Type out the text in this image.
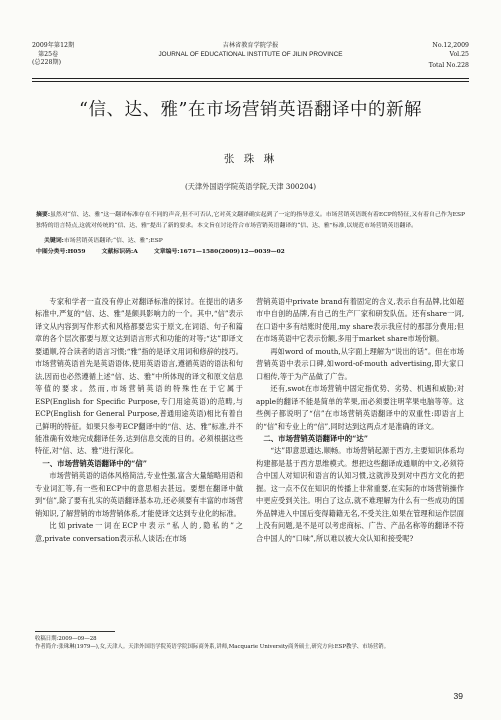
2009年第12期
第25卷
(总228期)
吉林省教育学院学报
JOURNAL OF EDUCATIONAL INSTITUTE OF JILIN PROVINCE
No.12,2009
Vol.25
Total No.228
“信、达、雅”在市场营销英语翻译中的新解
张 珠 琳
(天津外国语学院英语学院,天津 300204)
摘要:虽然对“信、达、雅”这一翻译标准存在不同的声音,但不可否认,它对英文翻译确实起到了一定的指导意义。市场营销英语既有着ECP的特征,又有着自己作为ESP独特的语言特点,这就对传统的“信、达、雅”提出了新的要求。本文旨在讨论符合市场营销英语翻译的“信、达、雅”标准,以规范市场营销英语翻译。
关键词:市场营销英语翻译;“信、达、雅”;ESP
中图分类号:H059	文献标识码:A	文章编号:1671—1580(2009)12—0039—02

专家和学者一直没有停止对翻译标准的探讨。在提出的诸多标准中,严复的“信、达、雅”是颇具影响力的一个。其中,“信”表示译文从内容到写作形式和风格都要忠实于原文,在词语、句子和篇章的各个层次都要与原文达到语言形式和功能的对等;“达”即译文要通顺,符合读者的语言习惯;“雅”指的是译文用词和修辞的技巧。市场营销英语首先是英语语体,使用英语语言,遵循英语的语法和句法,因而也必然遵循上述“信、达、雅”中所体现的译文和原文信息等值的要求。然而,市场营销英语的特殊性在于它属于ESP(English for Specific Purpose,专门用途英语)的范畴,与ECP(English for General Purpose,普通用途英语)相比有着自己鲜明的特征。如果只参考ECP翻译中的“信、达、雅”标准,并不能准确有效地完成翻译任务,达到信息交流的目的。必须根据这些特征,对“信、达、雅”进行深化。

一、市场营销英语翻译中的“信”

市场营销英语的语体风格简洁,专业性强,富含大量缩略用语和专业词汇等,有一些和ECP中的意思相去甚远。要想在翻译中做到“信”,除了要有扎实的英语翻译基本功,还必须要有丰富的市场营销知识,了解营销的市场营销体系,才能使译文达到专业化的标准。

比如private一词在ECP中表示“私人的,隐私的”之意,private conversation表示私人谈话;在市场

营销英语中private brand有着固定的含义,表示自有品牌,比如超市中自创的品牌,有自己的生产厂家和研发队伍。还有share一词,在口语中多有结账时使用,my share表示我应付的那部分费用;但在市场英语中它表示份额,多用于market share市场份额。

再如word of mouth,从字面上理解为“说出的话”。但在市场营销英语中表示口碑,如word-of-mouth advertising,即大家口口相传,等于为产品做了广告。

还有,swot在市场营销中固定指优势、劣势、机遇和威胁;对apple的翻译不能是简单的苹果,而必须要注明苹果电脑等等。这些例子都说明了“信”在市场营销英语翻译中的双重性:即语言上的“信”和专业上的“信”,同时达到这两点才是准确的译文。

二、市场营销英语翻译中的“达”

“达”即意思通达,顺畅。市场营销起源于西方,主要知识体系均构建都是基于西方思维模式。想把这些翻译成通顺的中文,必须符合中国人对知识和语言的认知习惯,这就涉及到对中西方文化的把握。这一点不仅在知识的传播上非常重要,在实际的市场营销操作中更应受到关注。明白了这点,就不难理解为什么有一些成功的国外品牌进入中国后变得籍籍无名,不受关注,如果在管理和运作层面上没有问题,是不是可以考虑商标、广告、产品名称等的翻译不符合中国人的“口味”,所以难以被大众认知和接受呢?

收稿日期:2009—09—28
作者简介:张珠琳(1979—),女,天津人。天津外国语学院英语学院国际商务系,讲师,Macquarie University商务硕士,研究方向:ESP教学、市场营销。
39
